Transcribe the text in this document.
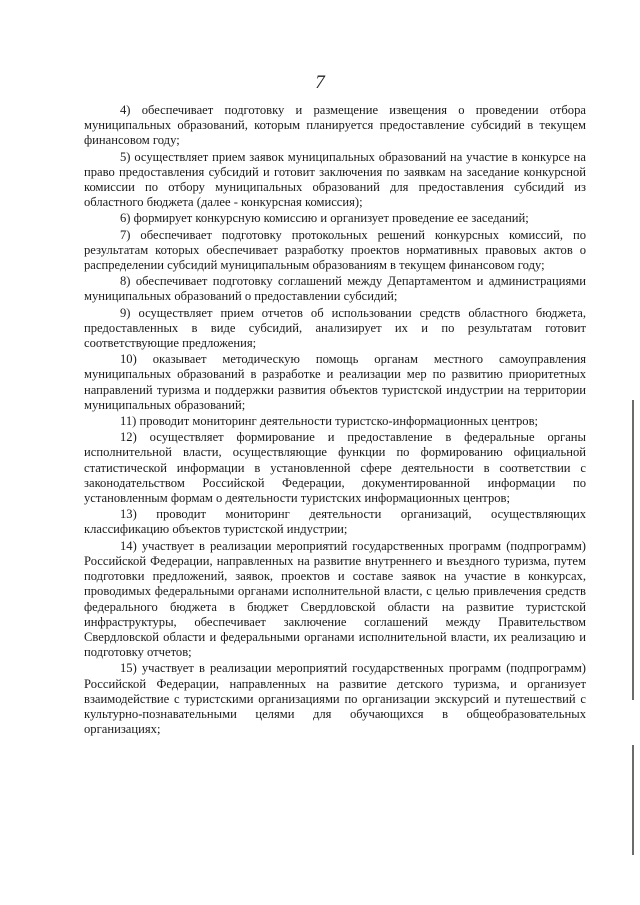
7

4) обеспечивает подготовку и размещение извещения о проведении отбора муниципальных образований, которым планируется предоставление субсидий в текущем финансовом году;

5) осуществляет прием заявок муниципальных образований на участие в конкурсе на право предоставления субсидий и готовит заключения по заявкам на заседание конкурсной комиссии по отбору муниципальных образований для предоставления субсидий из областного бюджета (далее - конкурсная комиссия);

6) формирует конкурсную комиссию и организует проведение ее заседаний;

7) обеспечивает подготовку протокольных решений конкурсных комиссий, по результатам которых обеспечивает разработку проектов нормативных правовых актов о распределении субсидий муниципальным образованиям в текущем финансовом году;

8) обеспечивает подготовку соглашений между Департаментом и администрациями муниципальных образований о предоставлении субсидий;

9) осуществляет прием отчетов об использовании средств областного бюджета, предоставленных в виде субсидий, анализирует их и по результатам готовит соответствующие предложения;

10) оказывает методическую помощь органам местного самоуправления муниципальных образований в разработке и реализации мер по развитию приоритетных направлений туризма и поддержки развития объектов туристской индустрии на территории муниципальных образований;

11) проводит мониторинг деятельности туристско-информационных центров;

12) осуществляет формирование и предоставление в федеральные органы исполнительной власти, осуществляющие функции по формированию официальной статистической информации в установленной сфере деятельности в соответствии с законодательством Российской Федерации, документированной информации по установленным формам о деятельности туристских информационных центров;

13) проводит мониторинг деятельности организаций, осуществляющих классификацию объектов туристской индустрии;

14) участвует в реализации мероприятий государственных программ (подпрограмм) Российской Федерации, направленных на развитие внутреннего и въездного туризма, путем подготовки предложений, заявок, проектов и составе заявок на участие в конкурсах, проводимых федеральными органами исполнительной власти, с целью привлечения средств федерального бюджета в бюджет Свердловской области на развитие туристской инфраструктуры, обеспечивает заключение соглашений между Правительством Свердловской области и федеральными органами исполнительной власти, их реализацию и подготовку отчетов;

15) участвует в реализации мероприятий государственных программ (подпрограмм) Российской Федерации, направленных на развитие детского туризма, и организует взаимодействие с туристскими организациями по организации экскурсий и путешествий с культурно-познавательными целями для обучающихся в общеобразовательных организациях;
